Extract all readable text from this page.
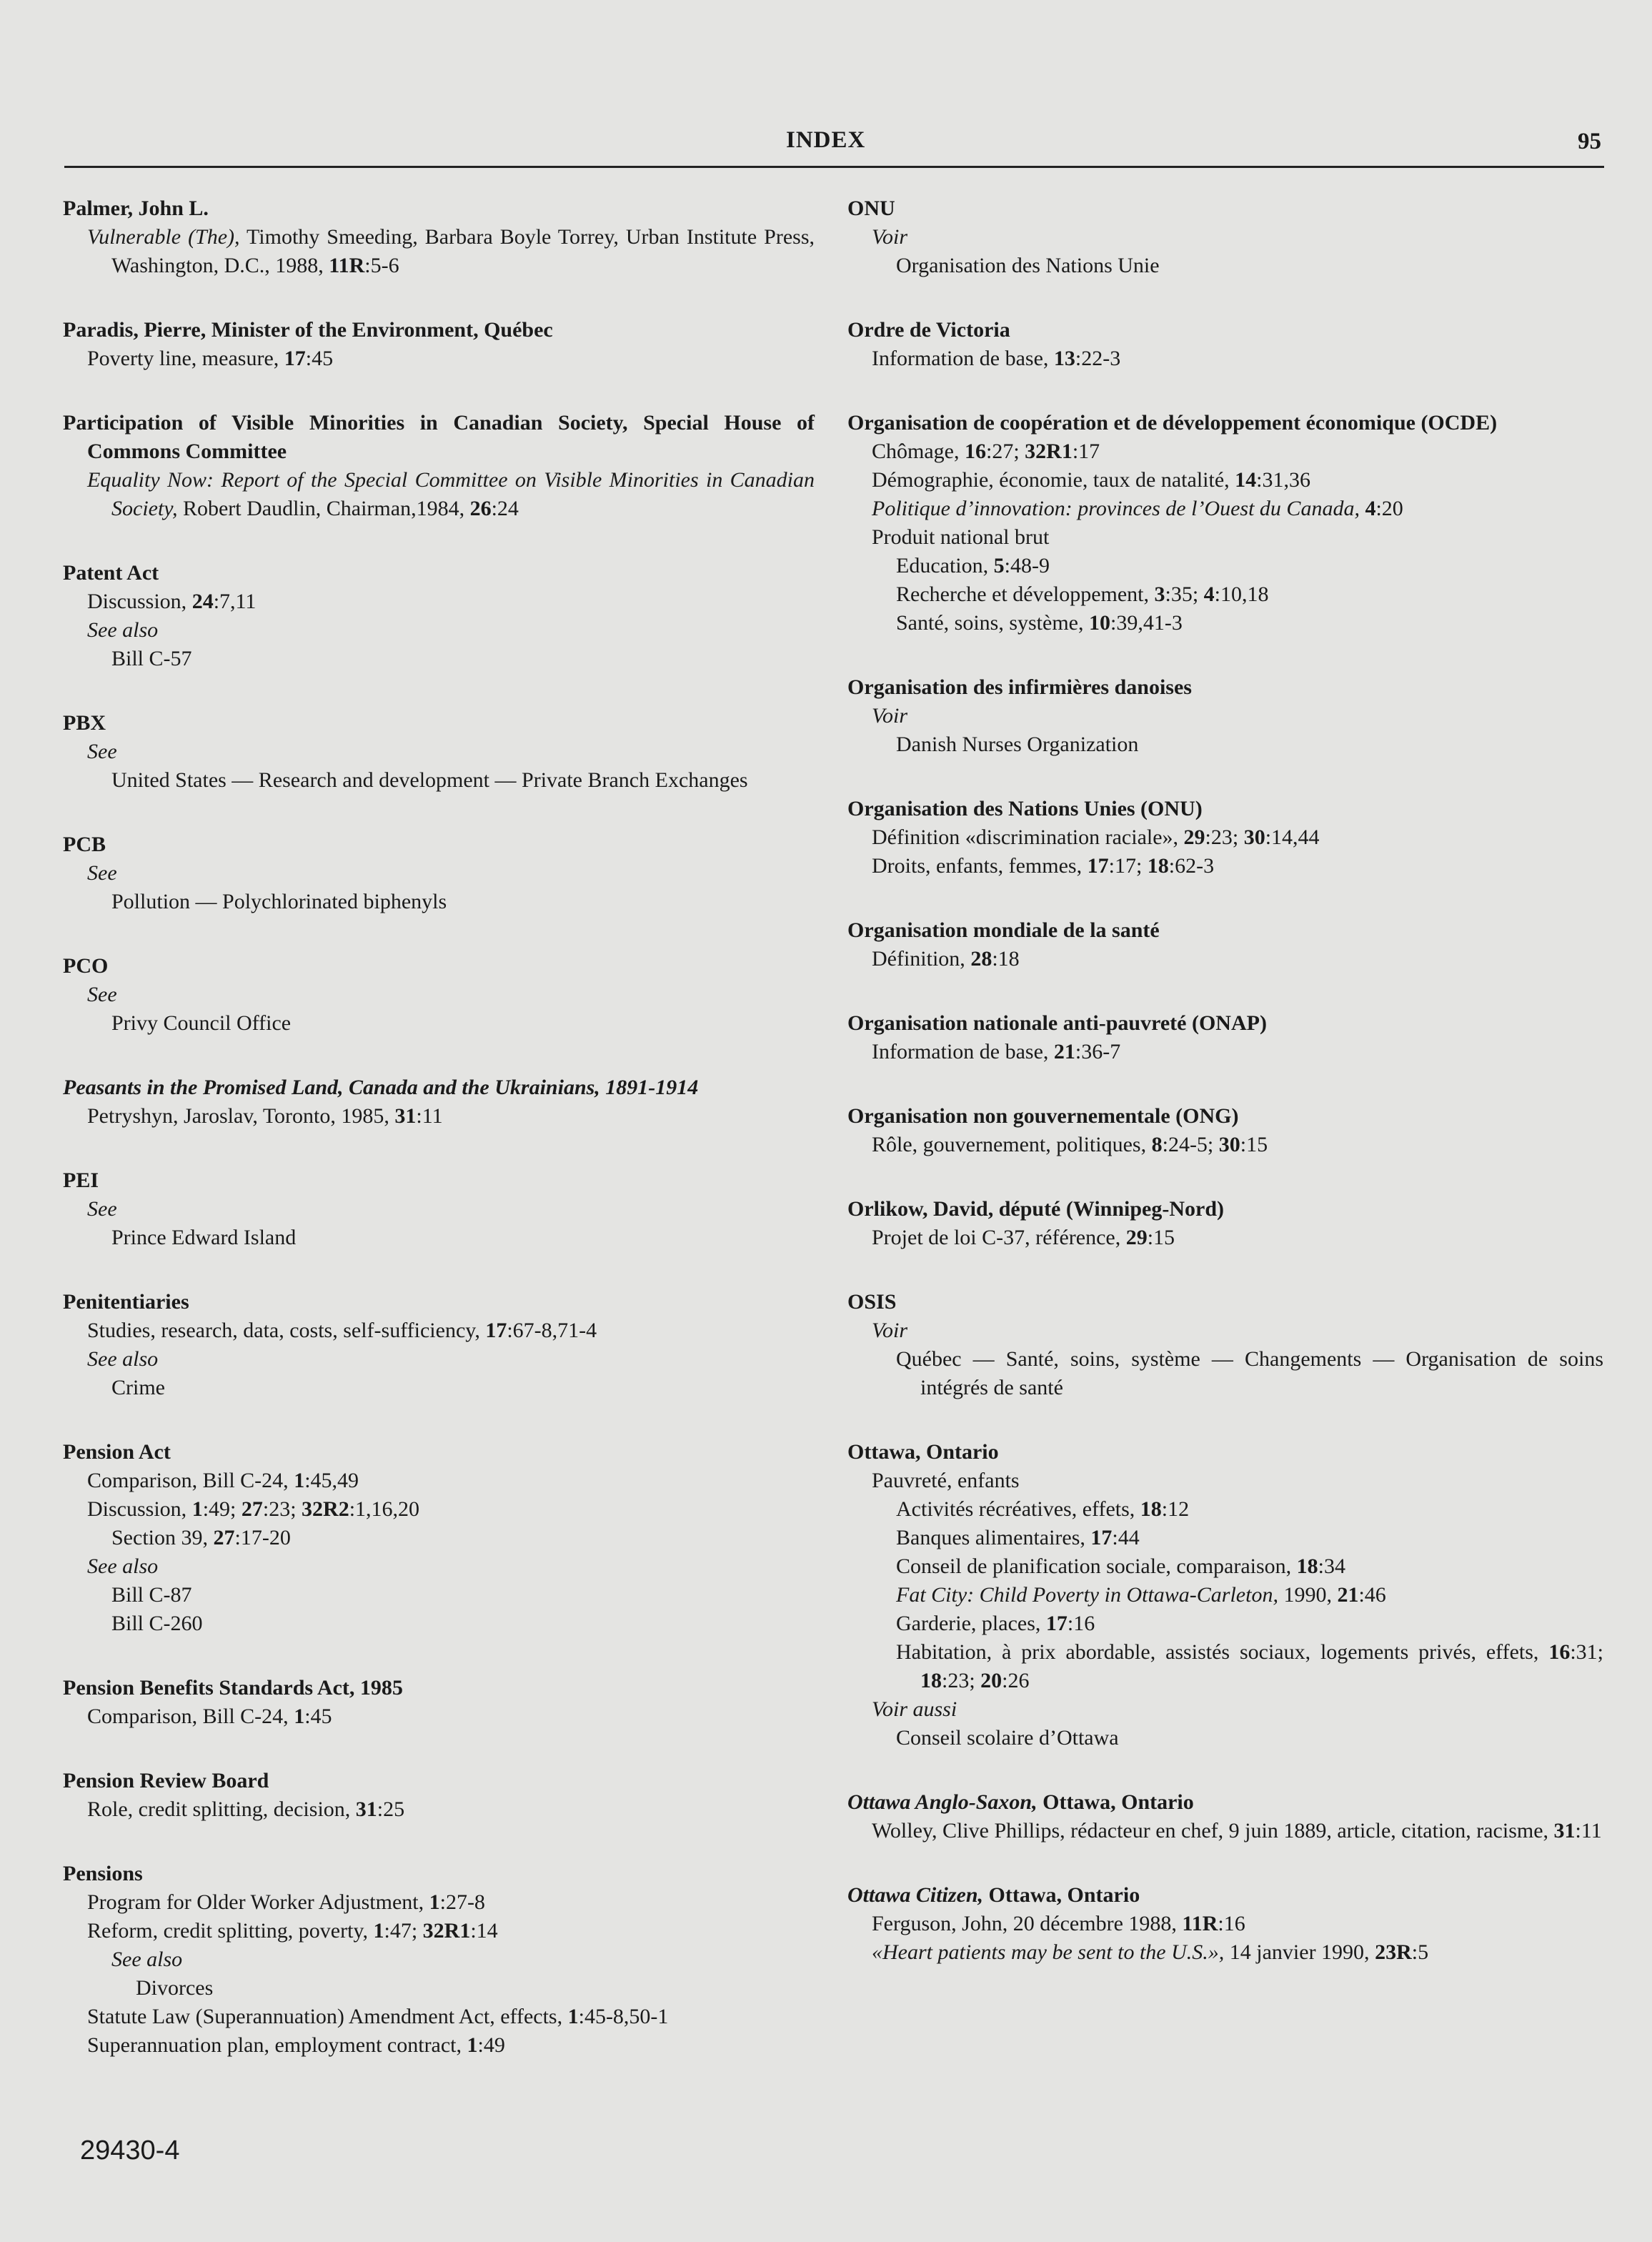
INDEX	95
Palmer, John L.
Vulnerable (The), Timothy Smeeding, Barbara Boyle Torrey, Urban Institute Press, Washington, D.C., 1988, 11R:5-6
Paradis, Pierre, Minister of the Environment, Québec
Poverty line, measure, 17:45
Participation of Visible Minorities in Canadian Society, Special House of Commons Committee
Equality Now: Report of the Special Committee on Visible Minorities in Canadian Society, Robert Daudlin, Chairman,1984, 26:24
Patent Act
Discussion, 24:7,11
See also
Bill C-57
PBX
See
United States — Research and development — Private Branch Exchanges
PCB
See
Pollution — Polychlorinated biphenyls
PCO
See
Privy Council Office
Peasants in the Promised Land, Canada and the Ukrainians, 1891-1914
Petryshyn, Jaroslav, Toronto, 1985, 31:11
PEI
See
Prince Edward Island
Penitentiaries
Studies, research, data, costs, self-sufficiency, 17:67-8,71-4
See also
Crime
Pension Act
Comparison, Bill C-24, 1:45,49
Discussion, 1:49; 27:23; 32R2:1,16,20
Section 39, 27:17-20
See also
Bill C-87
Bill C-260
Pension Benefits Standards Act, 1985
Comparison, Bill C-24, 1:45
Pension Review Board
Role, credit splitting, decision, 31:25
Pensions
Program for Older Worker Adjustment, 1:27-8
Reform, credit splitting, poverty, 1:47; 32R1:14
See also
Divorces
Statute Law (Superannuation) Amendment Act, effects, 1:45-8,50-1
Superannuation plan, employment contract, 1:49
ONU
Voir
Organisation des Nations Unie
Ordre de Victoria
Information de base, 13:22-3
Organisation de coopération et de développement économique (OCDE)
Chômage, 16:27; 32R1:17
Démographie, économie, taux de natalité, 14:31,36
Politique d’innovation: provinces de l’Ouest du Canada, 4:20
Produit national brut
Education, 5:48-9
Recherche et développement, 3:35; 4:10,18
Santé, soins, système, 10:39,41-3
Organisation des infirmières danoises
Voir
Danish Nurses Organization
Organisation des Nations Unies (ONU)
Définition «discrimination raciale», 29:23; 30:14,44
Droits, enfants, femmes, 17:17; 18:62-3
Organisation mondiale de la santé
Définition, 28:18
Organisation nationale anti-pauvreté (ONAP)
Information de base, 21:36-7
Organisation non gouvernementale (ONG)
Rôle, gouvernement, politiques, 8:24-5; 30:15
Orlikow, David, député (Winnipeg-Nord)
Projet de loi C-37, référence, 29:15
OSIS
Voir
Québec — Santé, soins, système — Changements — Organisation de soins intégrés de santé
Ottawa, Ontario
Pauvreté, enfants
Activités récréatives, effets, 18:12
Banques alimentaires, 17:44
Conseil de planification sociale, comparaison, 18:34
Fat City: Child Poverty in Ottawa-Carleton, 1990, 21:46
Garderie, places, 17:16
Habitation, à prix abordable, assistés sociaux, logements privés, effets, 16:31; 18:23; 20:26
Voir aussi
Conseil scolaire d’Ottawa
Ottawa Anglo-Saxon, Ottawa, Ontario
Wolley, Clive Phillips, rédacteur en chef, 9 juin 1889, article, citation, racisme, 31:11
Ottawa Citizen, Ottawa, Ontario
Ferguson, John, 20 décembre 1988, 11R:16
«Heart patients may be sent to the U.S.», 14 janvier 1990, 23R:5
29430-4
